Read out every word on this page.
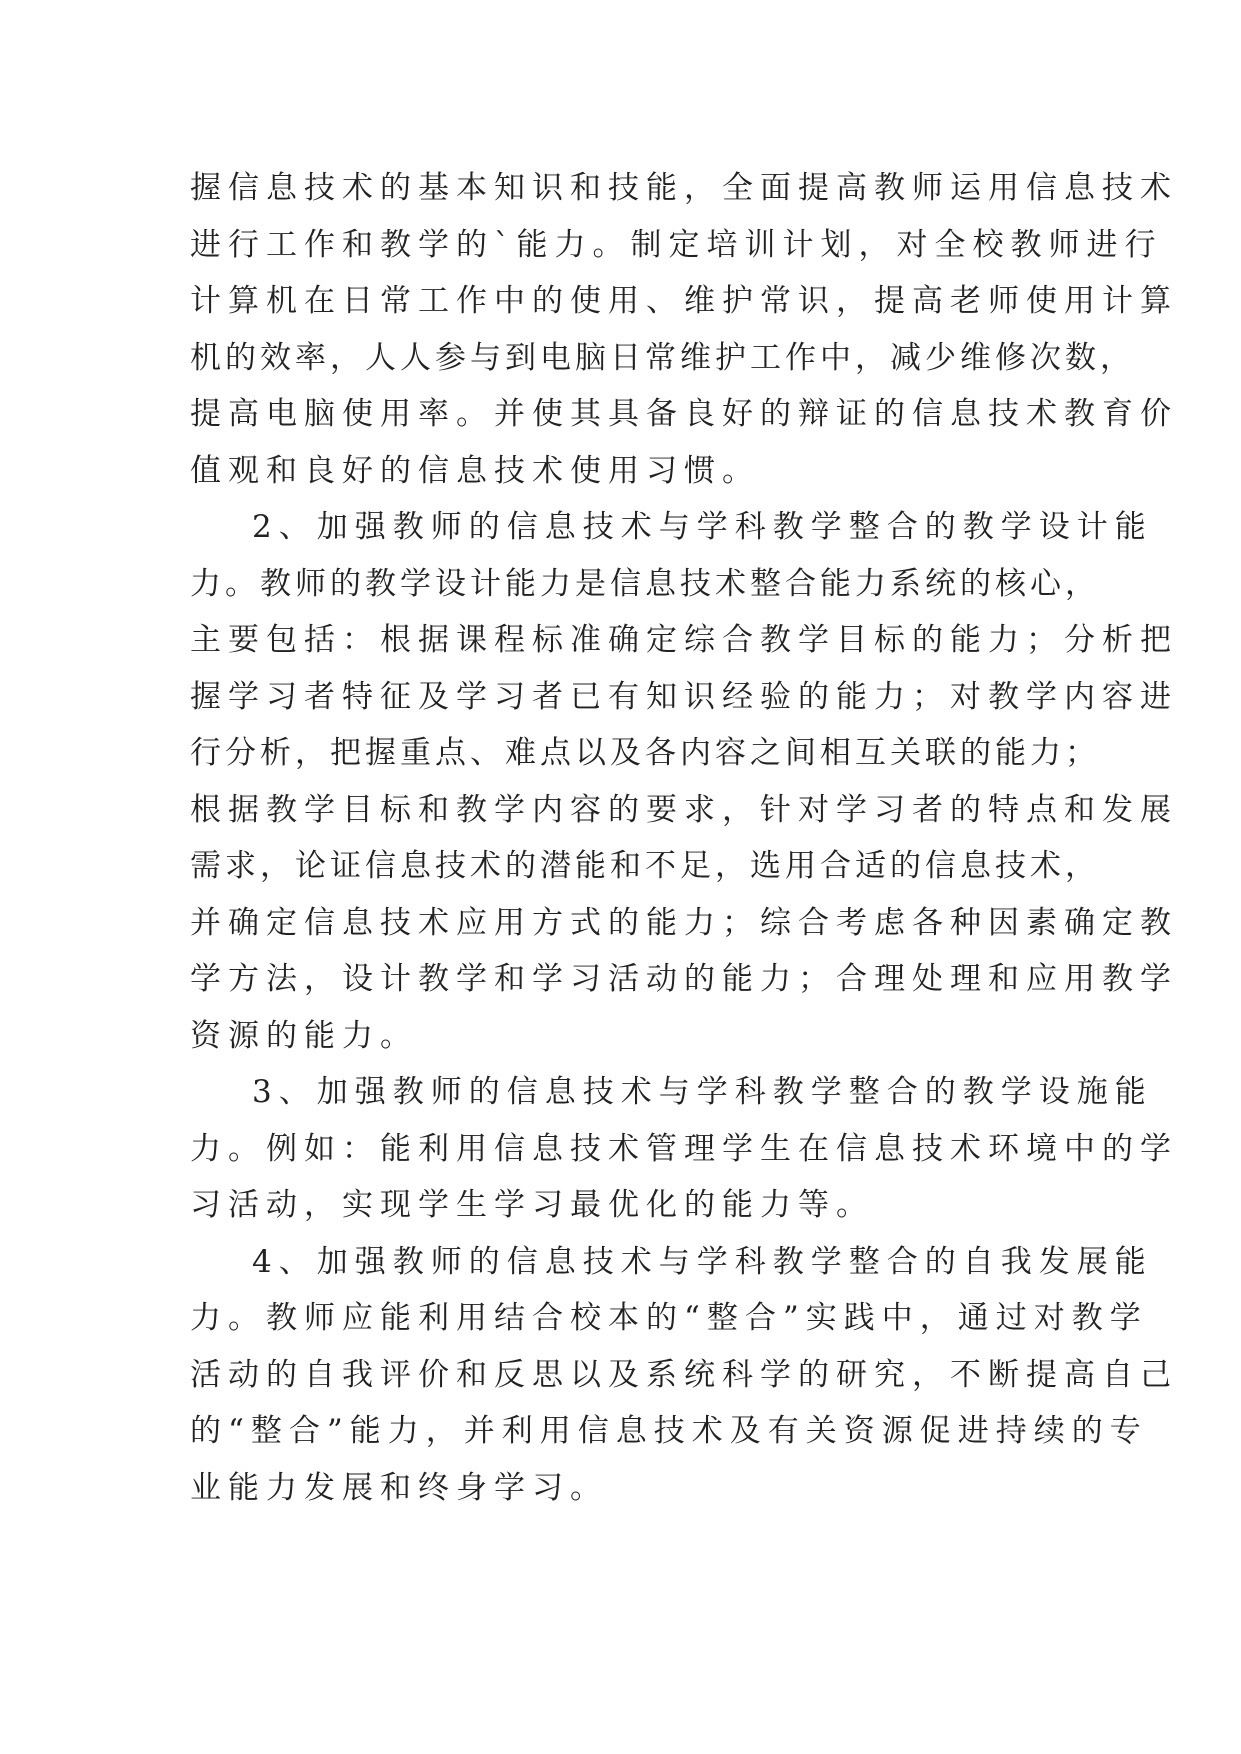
握信息技术的基本知识和技能，全面提高教师运用信息技术
进行工作和教学的`能力。制定培训计划，对全校教师进行
计算机在日常工作中的使用、维护常识，提高老师使用计算
机的效率，人人参与到电脑日常维护工作中，减少维修次数，
提高电脑使用率。并使其具备良好的辩证的信息技术教育价
值观和良好的信息技术使用习惯。
2、加强教师的信息技术与学科教学整合的教学设计能
力。教师的教学设计能力是信息技术整合能力系统的核心，
主要包括：根据课程标准确定综合教学目标的能力；分析把
握学习者特征及学习者已有知识经验的能力；对教学内容进
行分析，把握重点、难点以及各内容之间相互关联的能力；
根据教学目标和教学内容的要求，针对学习者的特点和发展
需求，论证信息技术的潜能和不足，选用合适的信息技术，
并确定信息技术应用方式的能力；综合考虑各种因素确定教
学方法，设计教学和学习活动的能力；合理处理和应用教学
资源的能力。
3、加强教师的信息技术与学科教学整合的教学设施能
力。例如：能利用信息技术管理学生在信息技术环境中的学
习活动，实现学生学习最优化的能力等。
4、加强教师的信息技术与学科教学整合的自我发展能
力。教师应能利用结合校本的“整合”实践中，通过对教学
活动的自我评价和反思以及系统科学的研究，不断提高自己
的“整合”能力，并利用信息技术及有关资源促进持续的专
业能力发展和终身学习。
